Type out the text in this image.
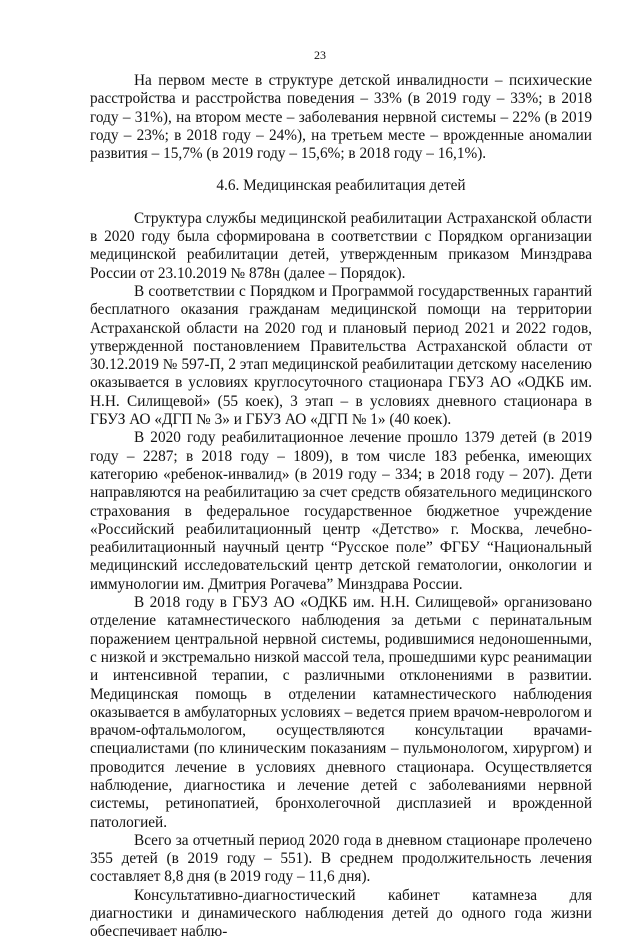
23

На первом месте в структуре детской инвалидности – психические расстройства и расстройства поведения – 33% (в 2019 году – 33%; в 2018 году – 31%), на втором месте – заболевания нервной системы – 22% (в 2019 году – 23%; в 2018 году – 24%), на третьем месте – врожденные аномалии развития – 15,7% (в 2019 году – 15,6%; в 2018 году – 16,1%).

4.6. Медицинская реабилитация детей

Структура службы медицинской реабилитации Астраханской области в 2020 году была сформирована в соответствии с Порядком организации медицинской реабилитации детей, утвержденным приказом Минздрава России от 23.10.2019 № 878н (далее – Порядок).

В соответствии с Порядком и Программой государственных гарантий бесплатного оказания гражданам медицинской помощи на территории Астраханской области на 2020 год и плановый период 2021 и 2022 годов, утвержденной постановлением Правительства Астраханской области от 30.12.2019 № 597-П, 2 этап медицинской реабилитации детскому населению оказывается в условиях круглосуточного стационара ГБУЗ АО «ОДКБ им. Н.Н. Силищевой» (55 коек), 3 этап – в условиях дневного стационара в ГБУЗ АО «ДГП № 3» и ГБУЗ АО «ДГП № 1» (40 коек).

В 2020 году реабилитационное лечение прошло 1379 детей (в 2019 году – 2287; в 2018 году – 1809), в том числе 183 ребенка, имеющих категорию «ребенок-инвалид» (в 2019 году – 334; в 2018 году – 207). Дети направляются на реабилитацию за счет средств обязательного медицинского страхования в федеральное государственное бюджетное учреждение «Российский реабилитационный центр «Детство» г. Москва, лечебно-реабилитационный научный центр “Русское поле” ФГБУ “Национальный медицинский исследовательский центр детской гематологии, онкологии и иммунологии им. Дмитрия Рогачева” Минздрава России.

В 2018 году в ГБУЗ АО «ОДКБ им. Н.Н. Силищевой» организовано отделение катамнестического наблюдения за детьми с перинатальным поражением центральной нервной системы, родившимися недоношенными, с низкой и экстремально низкой массой тела, прошедшими курс реанимации и интенсивной терапии, с различными отклонениями в развитии. Медицинская помощь в отделении катамнестического наблюдения оказывается в амбулаторных условиях – ведется прием врачом-неврологом и врачом-офтальмологом, осуществляются консультации врачами-специалистами (по клиническим показаниям – пульмонологом, хирургом) и проводится лечение в условиях дневного стационара. Осуществляется наблюдение, диагностика и лечение детей с заболеваниями нервной системы, ретинопатией, бронхолегочной дисплазией и врожденной патологией.

Всего за отчетный период 2020 года в дневном стационаре пролечено 355 детей (в 2019 году – 551). В среднем продолжительность лечения составляет 8,8 дня (в 2019 году – 11,6 дня).

Консультативно-диагностический кабинет катамнеза для диагностики и динамического наблюдения детей до одного года жизни обеспечивает наблю-
